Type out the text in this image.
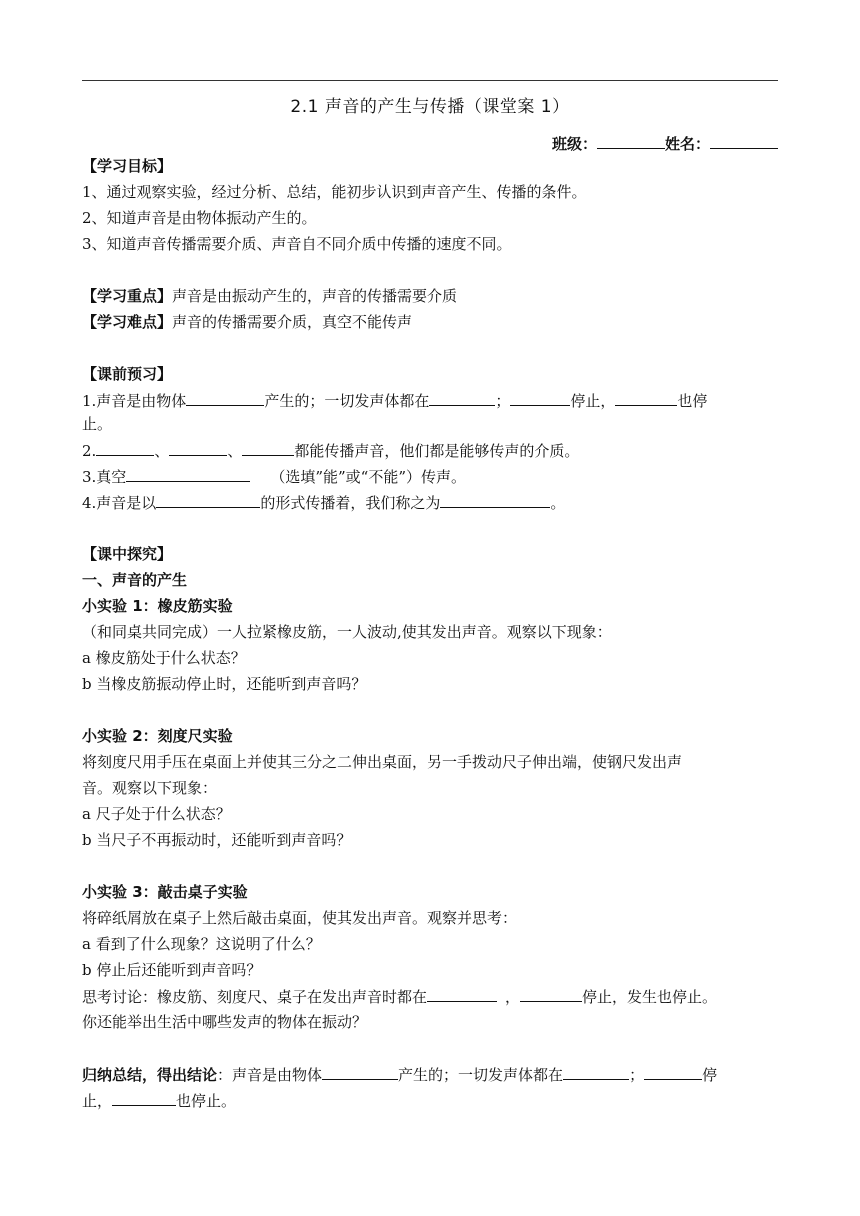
2.1 声音的产生与传播（课堂案 1）
班级：	姓名：
【学习目标】
1、通过观察实验，经过分析、总结，能初步认识到声音产生、传播的条件。
2、知道声音是由物体振动产生的。
3、知道声音传播需要介质、声音自不同介质中传播的速度不同。
【学习重点】声音是由振动产生的，声音的传播需要介质
【学习难点】声音的传播需要介质，真空不能传声
【课前预习】
1.声音是由物体	产生的；一切发声体都在	；	停止，	也停
止。
2.	、	、	都能传播声音，他们都是能够传声的介质。
3.真空	（选填”能”或“不能”）传声。
4.声音是以	的形式传播着，我们称之为	。
【课中探究】
一、声音的产生
小实验 1：橡皮筋实验
（和同桌共同完成）一人拉紧橡皮筋，一人波动,使其发出声音。观察以下现象：
a 橡皮筋处于什么状态？
b 当橡皮筋振动停止时，还能听到声音吗？
小实验 2：刻度尺实验
将刻度尺用手压在桌面上并使其三分之二伸出桌面，另一手拨动尺子伸出端，使钢尺发出声
音。观察以下现象：
a 尺子处于什么状态？
b 当尺子不再振动时，还能听到声音吗？
小实验 3：敲击桌子实验
将碎纸屑放在桌子上然后敲击桌面，使其发出声音。观察并思考：
a 看到了什么现象？这说明了什么？
b 停止后还能听到声音吗？
思考讨论：橡皮筋、刻度尺、桌子在发出声音时都在	，	停止，发生也停止。
你还能举出生活中哪些发声的物体在振动？
归纳总结，得出结论：声音是由物体	产生的；一切发声体都在	；	停
止，	也停止。
